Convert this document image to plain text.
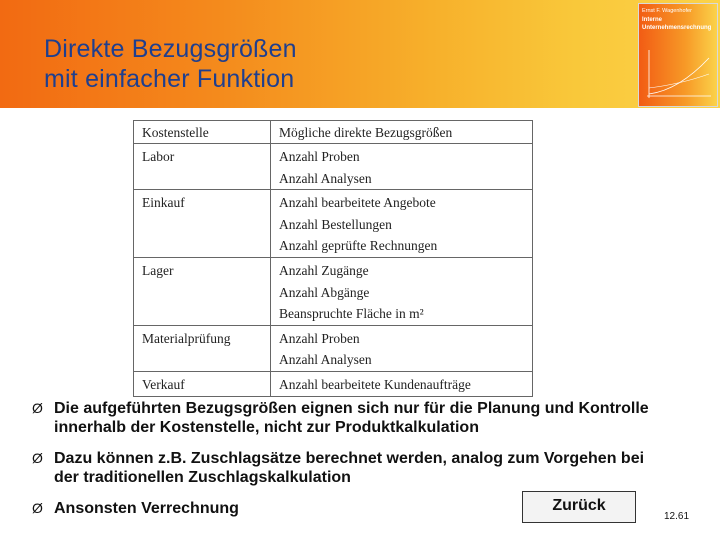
Direkte Bezugsgrößen
mit einfacher Funktion
Ernst F. Wagenhofer
Interne
Unternehmensrechnung
Kostenstelle	Mögliche direkte Bezugsgrößen

Labor	Anzahl Proben
Anzahl Analysen

Einkauf	Anzahl bearbeitete Angebote
Anzahl Bestellungen
Anzahl geprüfte Rechnungen

Lager	Anzahl Zugänge
Anzahl Abgänge
Beanspruchte Fläche in m²

Materialprüfung	Anzahl Proben
Anzahl Analysen

Verkauf	Anzahl bearbeitete Kundenaufträge
Ø Die aufgeführten Bezugsgrößen eignen sich nur für die Planung und Kontrolle innerhalb der Kostenstelle, nicht zur Produktkalkulation
Ø Dazu können z.B. Zuschlagsätze berechnet werden, analog zum Vorgehen bei der traditionellen Zuschlagskalkulation
Ø Ansonsten Verrechnung	Zurück
12.61
